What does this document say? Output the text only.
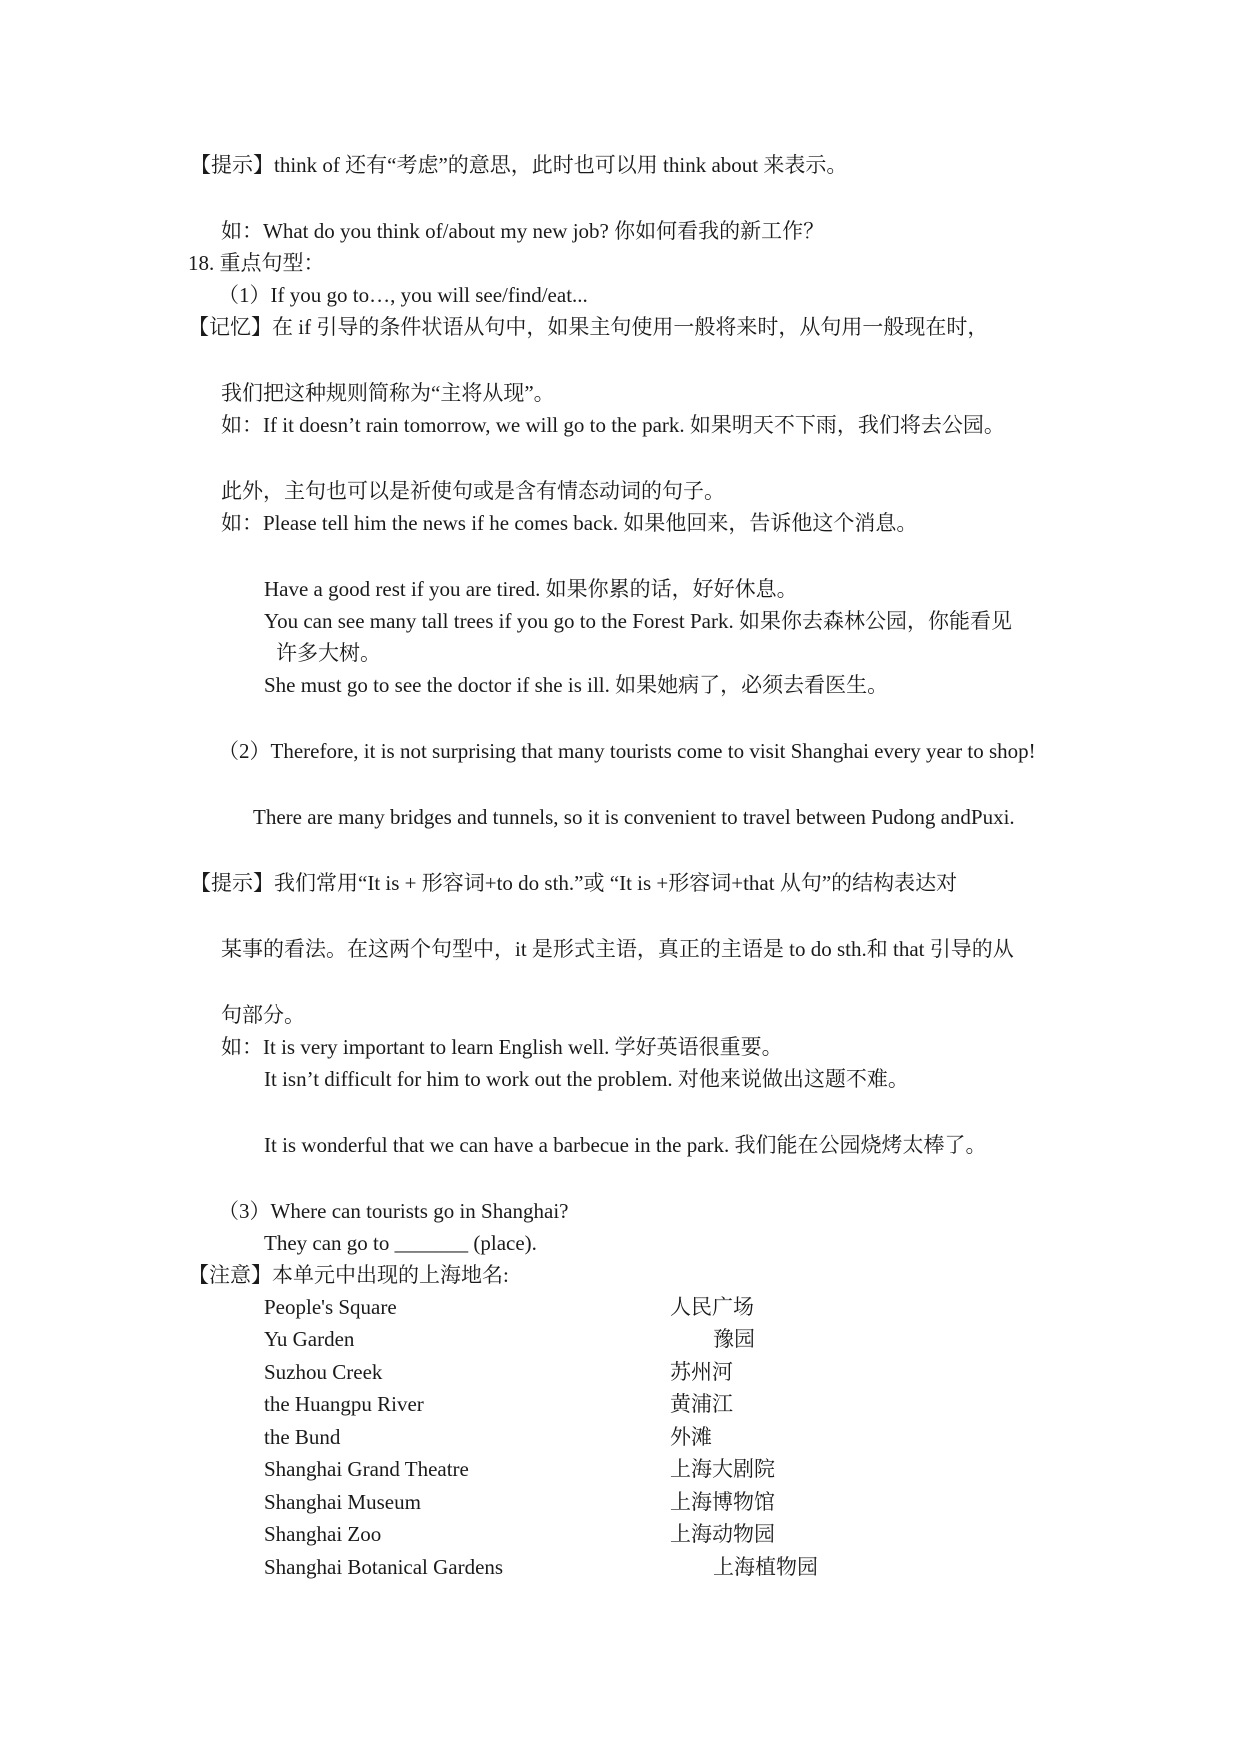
【提示】think of 还有“考虑”的意思，此时也可以用 think about 来表示。
如：What do you think of/about my new job? 你如何看我的新工作？
18. 重点句型：
（1）If you go to…, you will see/find/eat...
【记忆】在 if 引导的条件状语从句中，如果主句使用一般将来时，从句用一般现在时，
我们把这种规则简称为“主将从现”。
如：If it doesn’t rain tomorrow, we will go to the park. 如果明天不下雨，我们将去公园。
此外，主句也可以是祈使句或是含有情态动词的句子。
如：Please tell him the news if he comes back. 如果他回来，告诉他这个消息。
Have a good rest if you are tired. 如果你累的话，好好休息。
You can see many tall trees if you go to the Forest Park. 如果你去森林公园，你能看见
许多大树。
She must go to see the doctor if she is ill. 如果她病了，必须去看医生。
（2）Therefore, it is not surprising that many tourists come to visit Shanghai every year to shop!
There are many bridges and tunnels, so it is convenient to travel between Pudong andPuxi.
【提示】我们常用“It is + 形容词+to do sth.”或 “It is +形容词+that 从句”的结构表达对
某事的看法。在这两个句型中，it 是形式主语，真正的主语是 to do sth.和 that 引导的从
句部分。
如：It is very important to learn English well. 学好英语很重要。
It isn’t difficult for him to work out the problem. 对他来说做出这题不难。
It is wonderful that we can have a barbecue in the park. 我们能在公园烧烤太棒了。
（3）Where can tourists go in Shanghai?
They can go to _______ (place).
【注意】本单元中出现的上海地名:
People's Square	人民广场
Yu Garden	豫园
Suzhou Creek	苏州河
the Huangpu River	黄浦江
the Bund	外滩
Shanghai Grand Theatre	上海大剧院
Shanghai Museum	上海博物馆
Shanghai Zoo	上海动物园
Shanghai Botanical Gardens	上海植物园
